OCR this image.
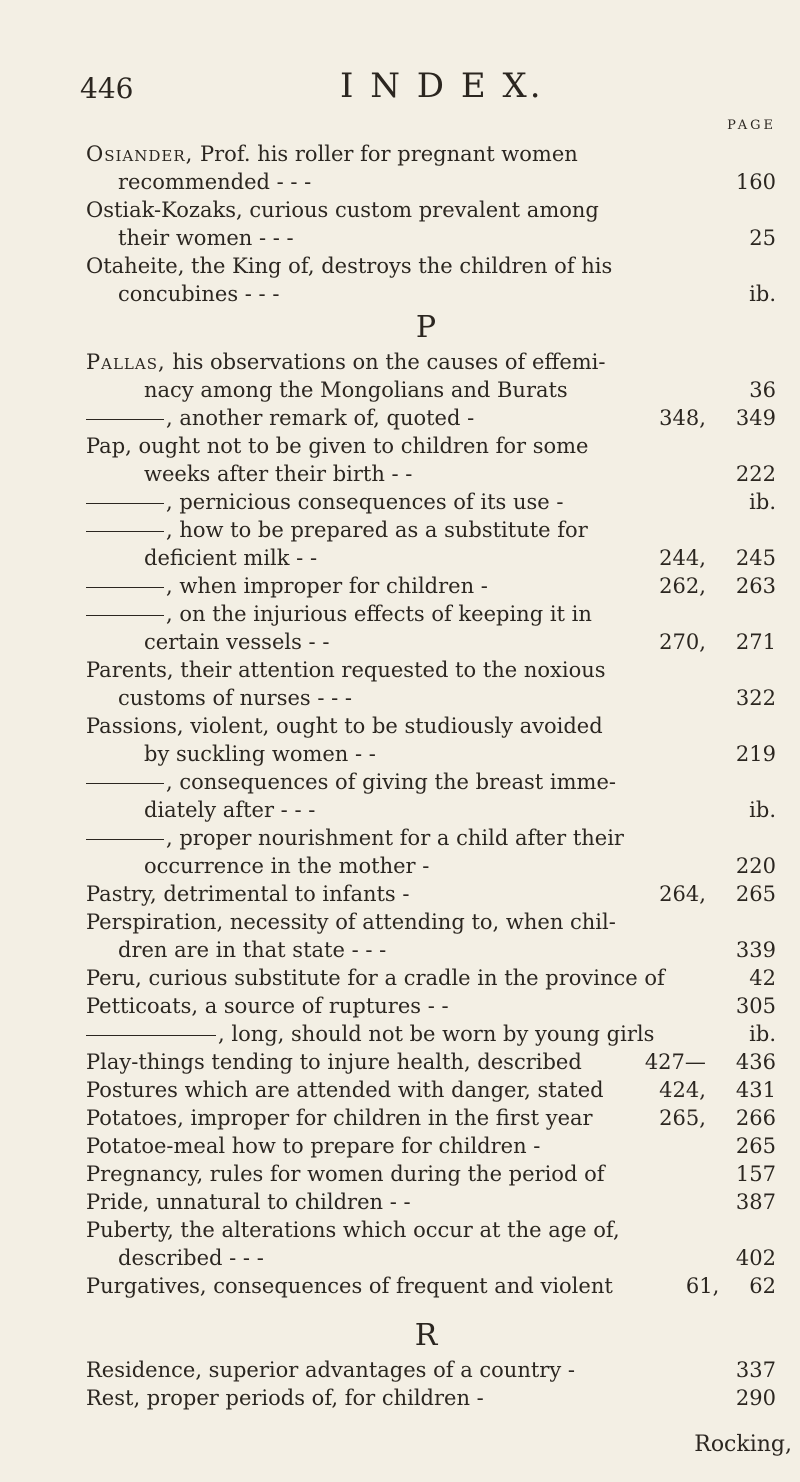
446	I N D E X.
PAGE
Osiander, Prof. his roller for pregnant women
recommended - - -	160
Ostiak-Kozaks, curious custom prevalent among
their women - - -	25
Otaheite, the King of, destroys the children of his
concubines - - -	ib.
P
Pallas, his observations on the causes of effemi-
nacy among the Mongolians and Burats	36
, another remark of, quoted -	348, 349
Pap, ought not to be given to children for some
weeks after their birth - -	222
, pernicious consequences of its use -	ib.
, how to be prepared as a substitute for
deficient milk - -	244, 245
, when improper for children -	262, 263
, on the injurious effects of keeping it in
certain vessels - -	270, 271
Parents, their attention requested to the noxious
customs of nurses - - -	322
Passions, violent, ought to be studiously avoided
by suckling women - -	219
, consequences of giving the breast imme-
diately after - - -	ib.
, proper nourishment for a child after their
occurrence in the mother -	220
Pastry, detrimental to infants -	264, 265
Perspiration, necessity of attending to, when chil-
dren are in that state - - -	339
Peru, curious substitute for a cradle in the province of	42
Petticoats, a source of ruptures - -	305
, long, should not be worn by young girls	ib.
Play-things tending to injure health, described	427— 436
Postures which are attended with danger, stated	424, 431
Potatoes, improper for children in the first year	265, 266
Potatoe-meal how to prepare for children -	265
Pregnancy, rules for women during the period of	157
Pride, unnatural to children - -	387
Puberty, the alterations which occur at the age of,
described - - -	402
Purgatives, consequences of frequent and violent	61, 62
R
Residence, superior advantages of a country -	337
Rest, proper periods of, for children -	290
Rocking,
